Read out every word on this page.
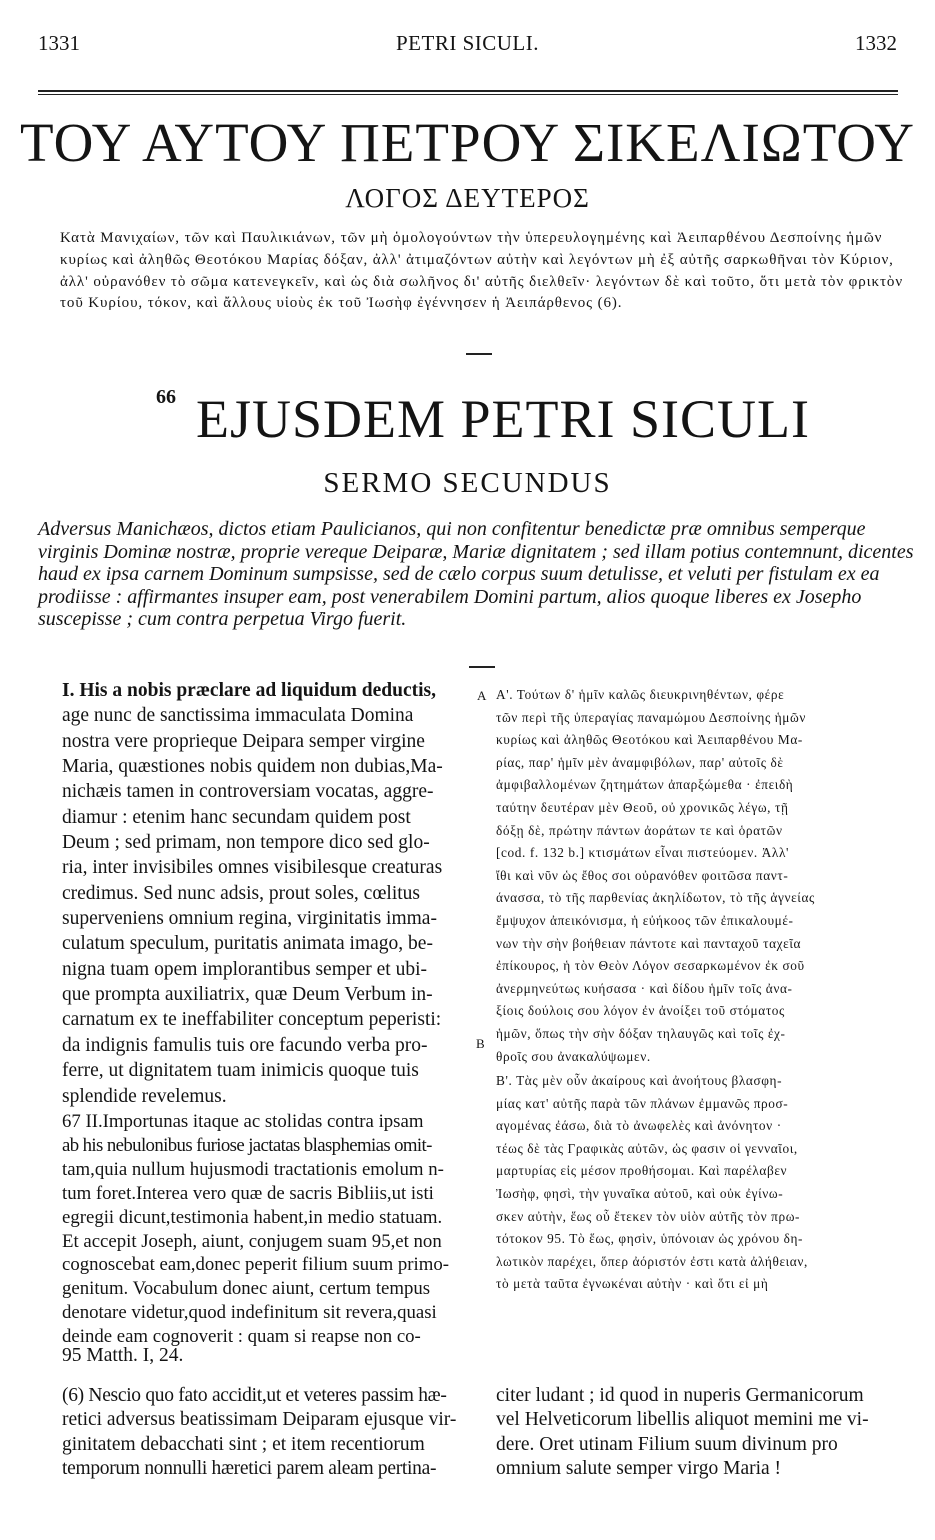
1331	PETRI SICULI.	1332
ΤΟΥ ΑΥΤΟΥ ΠΕΤΡΟΥ ΣΙΚΕΛΙΩΤΟΥ
ΛΟΓΟΣ ΔΕΥΤΕΡΟΣ
Κατὰ Μανιχαίων, τῶν καὶ Παυλικιάνων, τῶν μὴ ὁμολογούντων τὴν ὑπερευλογημένης καὶ Ἀειπαρθένου Δεσποίνης ἡμῶν κυρίως καὶ ἀληθῶς Θεοτόκου Μαρίας δόξαν, ἀλλ' ἀτιμαζόντων αὐτὴν καὶ λεγόντων μὴ ἐξ αὐτῆς σαρκωθῆναι τὸν Κύριον, ἀλλ' οὐρανόθεν τὸ σῶμα κατενεγκεῖν, καὶ ὡς διὰ σωλῆνος δι' αὐτῆς διελθεῖν· λεγόντων δὲ καὶ τοῦτο, ὅτι μετὰ τὸν φρικτὸν τοῦ Κυρίου, τόκον, καὶ ἄλλους υἱοὺς ἐκ τοῦ Ἰωσὴφ ἐγέννησεν ἡ Ἀειπάρθενος (6).
66 EJUSDEM PETRI SICULI
SERMO SECUNDUS
Adversus Manichæos, dictos etiam Paulicianos, qui non confitentur benedictæ præ omnibus semperque virginis Dominæ nostræ, proprie vereque Deiparæ, Mariæ dignitatem ; sed illam potius contemnunt, dicentes haud ex ipsa carnem Dominum sumpsisse, sed de cælo corpus suum detulisse, et veluti per fistulam ex ea prodiisse : affirmantes insuper eam, post venerabilem Domini partum, alios quoque liberes ex Josepho suscepisse ; cum contra perpetua Virgo fuerit.
A
B
I. His a nobis præclare ad liquidum deductis,
age nunc de sanctissima immaculata Domina
nostra vere proprieque Deipara semper virgine
Maria, quæstiones nobis quidem non dubias,Ma-
nichæis tamen in controversiam vocatas, aggre-
diamur : etenim hanc secundam quidem post
Deum ; sed primam, non tempore dico sed glo-
ria, inter invisibiles omnes visibilesque creaturas
credimus. Sed nunc adsis, prout soles, cœlitus
superveniens omnium regina, virginitatis imma-
culatum speculum, puritatis animata imago, be-
nigna tuam opem implorantibus semper et ubi-
que prompta auxiliatrix, quæ Deum Verbum in-
carnatum ex te ineffabiliter conceptum peperisti:
da indignis famulis tuis ore facundo verba pro-
ferre, ut dignitatem tuam inimicis quoque tuis
splendide revelemus.
67 II.Importunas itaque ac stolidas contra ipsam
ab his nebulonibus furiose jactatas blasphemias omit-
tam,quia nullum hujusmodi tractationis emolum n-
tum foret.Interea vero quæ de sacris Bibliis,ut isti
egregii dicunt,testimonia habent,in medio statuam.
Et accepit Joseph, aiunt, conjugem suam 95,et non
cognoscebat eam,donec peperit filium suum primo-
genitum. Vocabulum donec aiunt, certum tempus
denotare videtur,quod indefinitum sit revera,quasi
deinde eam cognoverit : quam si reapse non co-
Α'. Τούτων δ' ἡμῖν καλῶς διευκρινηθέντων, φέρε
τῶν περὶ τῆς ὑπεραγίας παναμώμου Δεσποίνης ἡμῶν
κυρίως καὶ ἀληθῶς Θεοτόκου καὶ Ἀειπαρθένου Μα-
ρίας, παρ' ἡμῖν μὲν ἀναμφιβόλων, παρ' αὐτοῖς δὲ
ἀμφιβαλλομένων ζητημάτων ἀπαρξώμεθα · ἐπειδὴ
ταύτην δευτέραν μὲν Θεοῦ, οὐ χρονικῶς λέγω, τῇ
δόξῃ δὲ, πρώτην πάντων ἀοράτων τε καὶ ὁρατῶν
[cod. f. 132 b.] κτισμάτων εἶναι πιστεύομεν. Ἀλλ'
ἴθι καὶ νῦν ὡς ἔθος σοι οὐρανόθεν φοιτῶσα παντ-
άνασσα, τὸ τῆς παρθενίας ἀκηλίδωτον, τὸ τῆς ἁγνείας
ἔμψυχον ἀπεικόνισμα, ἡ εὐήκοος τῶν ἐπικαλουμέ-
νων τὴν σὴν βοήθειαν πάντοτε καὶ πανταχοῦ ταχεῖα
ἐπίκουρος, ἡ τὸν Θεὸν Λόγον σεσαρκωμένον ἐκ σοῦ
ἀνερμηνεύτως κυήσασα · καὶ δίδου ἡμῖν τοῖς ἀνα-
ξίοις δούλοις σου λόγον ἐν ἀνοίξει τοῦ στόματος
ἡμῶν, ὅπως τὴν σὴν δόξαν τηλαυγῶς καὶ τοῖς ἐχ-
θροῖς σου ἀνακαλύψωμεν.
Β'. Τὰς μὲν οὖν ἀκαίρους καὶ ἀνοήτους βλασφη-
μίας κατ' αὐτῆς παρὰ τῶν πλάνων ἐμμανῶς προσ-
αγομένας ἐάσω, διὰ τὸ ἀνωφελὲς καὶ ἀνόνητον ·
τέως δὲ τὰς Γραφικὰς αὐτῶν, ὡς φασιν οἱ γενναῖοι,
μαρτυρίας εἰς μέσον προθήσομαι. Καὶ παρέλαβεν
Ἰωσὴφ, φησὶ, τὴν γυναῖκα αὐτοῦ, καὶ οὐκ ἐγίνω-
σκεν αὐτὴν, ἕως οὗ ἔτεκεν τὸν υἱὸν αὐτῆς τὸν πρω-
τότοκον 95. Τὸ ἕως, φησὶν, ὑπόνοιαν ὡς χρόνου δη-
λωτικὸν παρέχει, ὅπερ ἀόριστόν ἐστι κατὰ ἀλήθειαν,
τὸ μετὰ ταῦτα ἐγνωκέναι αὐτὴν · καὶ ὅτι εἰ μὴ
95 Matth. I, 24.
(6) Nescio quo fato accidit,ut et veteres passim hæ-
retici adversus beatissimam Deiparam ejusque vir-
ginitatem debacchati sint ; et item recentiorum
temporum nonnulli hæretici parem aleam pertina-
citer ludant ; id quod in nuperis Germanicorum
vel Helveticorum libellis aliquot memini me vi-
dere. Oret utinam Filium suum divinum pro
omnium salute semper virgo Maria !
